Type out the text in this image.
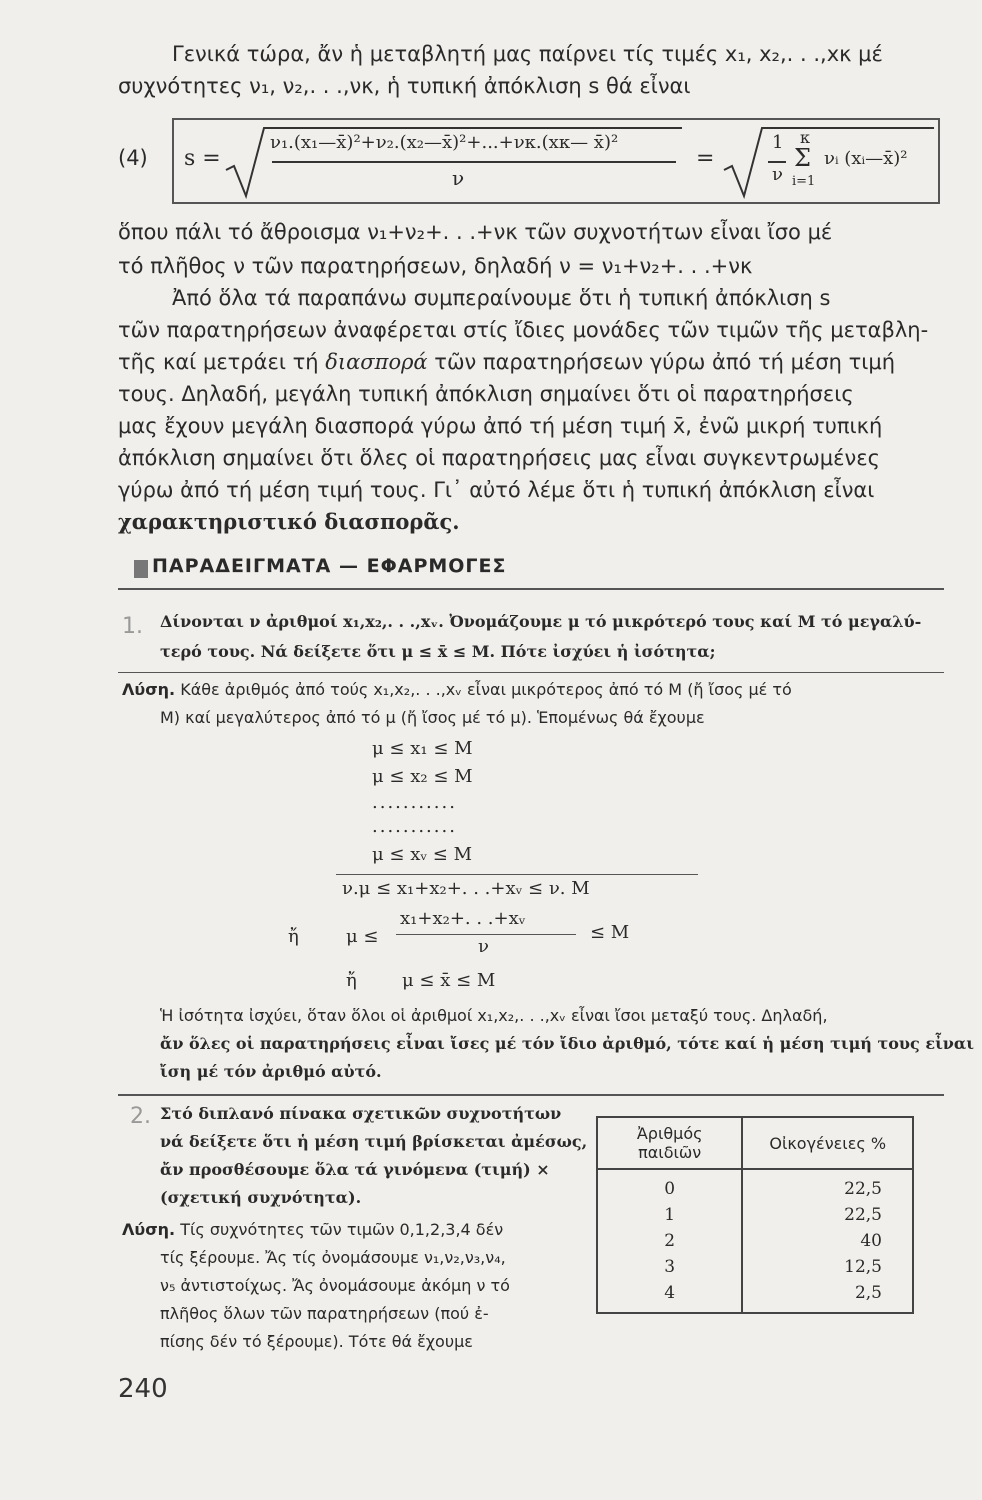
Γενικά τώρα, ἄν ἡ μεταβλητή μας παίρνει τίς τιμές x₁, x₂,. . .,xκ μέ
συχνότητες ν₁, ν₂,. . .,νκ, ἡ τυπική ἀπόκλιση s θά εἶναι
(4) s =
ν₁.(x₁—x̄)²+ν₂.(x₂—x̄)²+...+νκ.(xκ— x̄)²
ν
=
1
ν
κ
Σ
i=1
νᵢ (xᵢ—x̄)²
ὅπου πάλι τό ἄθροισμα ν₁+ν₂+. . .+νκ τῶν συχνοτήτων εἶναι ἴσο μέ
τό πλῆθος ν τῶν παρατηρήσεων, δηλαδή ν = ν₁+ν₂+. . .+νκ
Ἀπό ὅλα τά παραπάνω συμπεραίνουμε ὅτι ἡ τυπική ἀπόκλιση s
τῶν παρατηρήσεων ἀναφέρεται στίς ἴδιες μονάδες τῶν τιμῶν τῆς μεταβλη-
τῆς καί μετράει τή διασπορά τῶν παρατηρήσεων γύρω ἀπό τή μέση τιμή
τους. Δηλαδή, μεγάλη τυπική ἀπόκλιση σημαίνει ὅτι οἱ παρατηρήσεις
μας ἔχουν μεγάλη διασπορά γύρω ἀπό τή μέση τιμή x̄, ἐνῶ μικρή τυπική
ἀπόκλιση σημαίνει ὅτι ὅλες οἱ παρατηρήσεις μας εἶναι συγκεντρωμένες
γύρω ἀπό τή μέση τιμή τους. Γι᾽ αὐτό λέμε ὅτι ἡ τυπική ἀπόκλιση εἶναι
χαρακτηριστικό διασπορᾶς.
ΠΑΡΑΔΕΙΓΜΑΤΑ — ΕΦΑΡΜΟΓΕΣ
1. Δίνονται ν ἀριθμοί x₁,x₂,. . .,xᵥ. Ὀνομάζουμε μ τό μικρότερό τους καί Μ τό μεγαλύ-
τερό τους. Νά δείξετε ὅτι μ ≤ x̄ ≤ Μ. Πότε ἰσχύει ἡ ἰσότητα;
Λύση. Κάθε ἀριθμός ἀπό τούς x₁,x₂,. . .,xᵥ εἶναι μικρότερος ἀπό τό Μ (ἤ ἴσος μέ τό
Μ) καί μεγαλύτερος ἀπό τό μ (ἤ ἴσος μέ τό μ). Ἑπομένως θά ἔχουμε
μ ≤ x₁ ≤ Μ
μ ≤ x₂ ≤ Μ
...........
...........
μ ≤ xᵥ ≤ Μ
ν.μ ≤ x₁+x₂+. . .+xᵥ ≤ ν. Μ
ἤ	μ ≤
x₁+x₂+. . .+xᵥ
ν
≤ Μ
ἤ	μ ≤ x̄ ≤ Μ
Ἡ ἰσότητα ἰσχύει, ὅταν ὅλοι οἱ ἀριθμοί x₁,x₂,. . .,xᵥ εἶναι ἴσοι μεταξύ τους. Δηλαδή,
ἄν ὅλες οἱ παρατηρήσεις εἶναι ἴσες μέ τόν ἴδιο ἀριθμό, τότε καί ἡ μέση τιμή τους εἶναι
ἴση μέ τόν ἀριθμό αὐτό.
2. Στό διπλανό πίνακα σχετικῶν συχνοτήτων
νά δείξετε ὅτι ἡ μέση τιμή βρίσκεται ἀμέσως,
ἄν προσθέσουμε ὅλα τά γινόμενα (τιμή) ×
(σχετική συχνότητα).
Λύση. Τίς συχνότητες τῶν τιμῶν 0,1,2,3,4 δέν
τίς ξέρουμε. Ἄς τίς ὀνομάσουμε ν₁,ν₂,ν₃,ν₄,
ν₅ ἀντιστοίχως. Ἄς ὀνομάσουμε ἀκόμη ν τό
πλῆθος ὅλων τῶν παρατηρήσεων (πού ἐ-
πίσης δέν τό ξέρουμε). Τότε θά ἔχουμε
Ἀριθμός
παιδιῶν	Οἰκογένειες %
0	22,5
1	22,5
2	40
3	12,5
4	2,5
240
